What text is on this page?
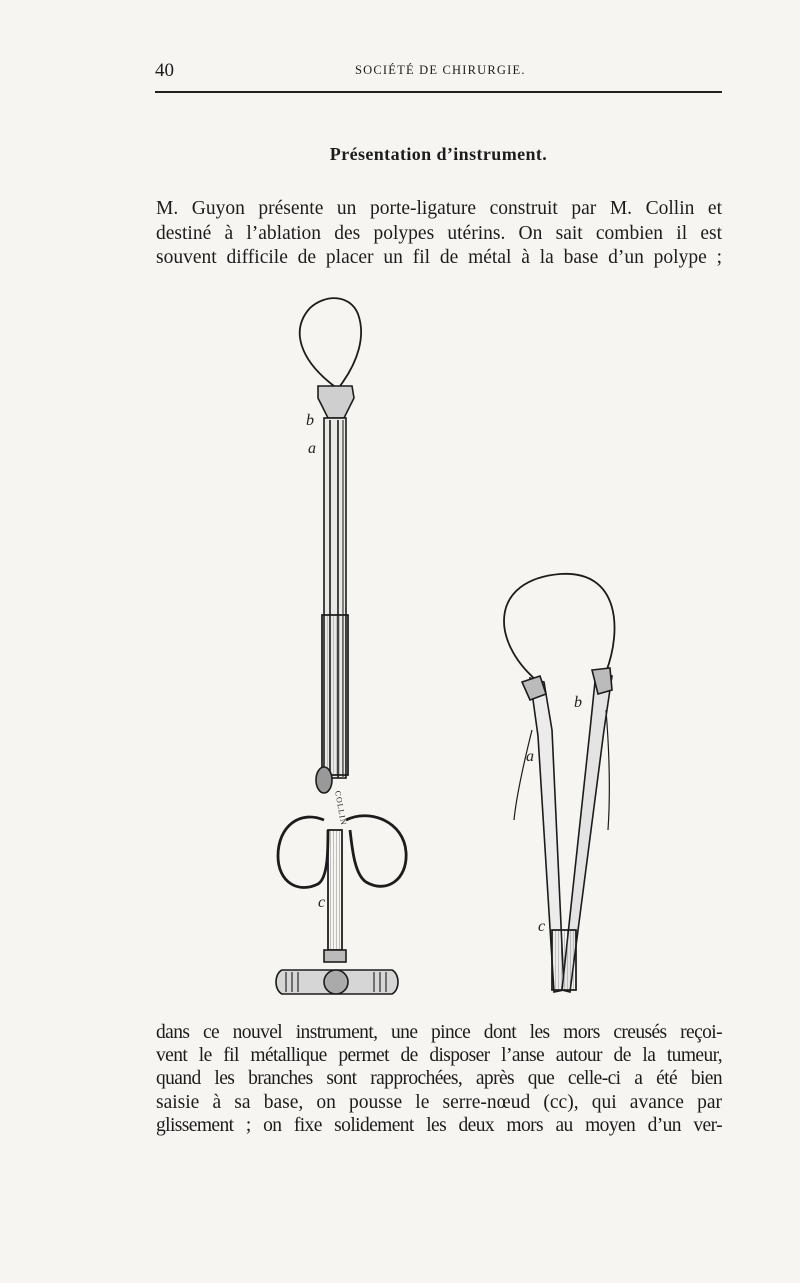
40	SOCIÉTÉ DE CHIRURGIE.
Présentation d’instrument.
M. Guyon présente un porte-ligature construit par M. Collin et
destiné à l’ablation des polypes utérins. On sait combien il est
souvent difficile de placer un fil de métal à la base d’un polype ;
b
a
c
a
b
c
COLLIN
dans ce nouvel instrument, une pince dont les mors creusés reçoi-
vent le fil métallique permet de disposer l’anse autour de la tumeur,
quand les branches sont rapprochées, après que celle-ci a été bien
saisie à sa base, on pousse le serre-nœud (cc), qui avance par
glissement ; on fixe solidement les deux mors au moyen d’un ver-
